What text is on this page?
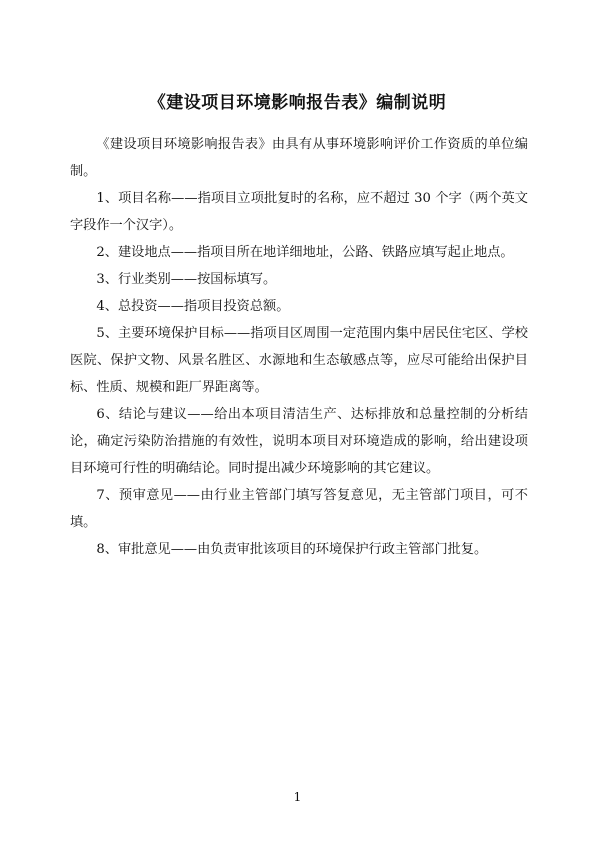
《建设项目环境影响报告表》编制说明

《建设项目环境影响报告表》由具有从事环境影响评价工作资质的单位编制。

1、项目名称——指项目立项批复时的名称，应不超过 30 个字（两个英文字段作一个汉字）。

2、建设地点——指项目所在地详细地址，公路、铁路应填写起止地点。

3、行业类别——按国标填写。

4、总投资——指项目投资总额。

5、主要环境保护目标——指项目区周围一定范围内集中居民住宅区、学校医院、保护文物、风景名胜区、水源地和生态敏感点等，应尽可能给出保护目标、性质、规模和距厂界距离等。

6、结论与建议——给出本项目清洁生产、达标排放和总量控制的分析结论，确定污染防治措施的有效性，说明本项目对环境造成的影响，给出建设项目环境可行性的明确结论。同时提出减少环境影响的其它建议。

7、预审意见——由行业主管部门填写答复意见，无主管部门项目，可不填。

8、审批意见——由负责审批该项目的环境保护行政主管部门批复。

1
